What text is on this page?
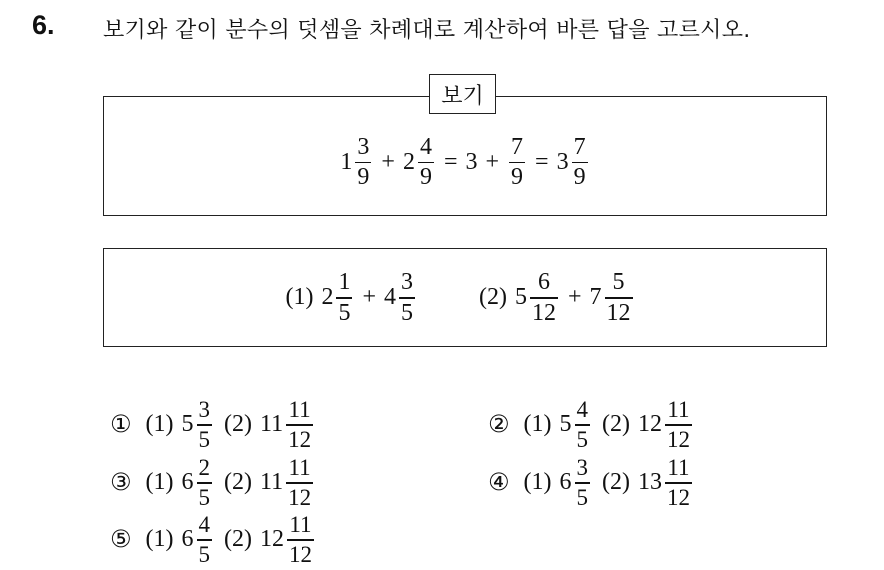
6. 보기와 같이 분수의 덧셈을 차례대로 계산하여 바른 답을 고르시오.
$1 \frac{3}{9} + 2 \frac{4}{9} = 3 + \frac{7}{9} = 3 \frac{7}{9}$
보기
(1) $2 \frac{1}{5} + 4 \frac{3}{5}$	(2) $5 \frac{6}{12} + 7 \frac{5}{12}$
① (1) $5 \frac{3}{5} (2)$ $11 \frac{11}{12}$	② (1) $5 \frac{4}{5} (2)$ $12 \frac{11}{12}$
③ (1) $6 \frac{2}{5} (2)$ $11 \frac{11}{12}$	④ (1) $6 \frac{3}{5} (2)$ $13 \frac{11}{12}$
⑤ (1) $6 \frac{4}{5} (2)$ $12 \frac{11}{12}$
